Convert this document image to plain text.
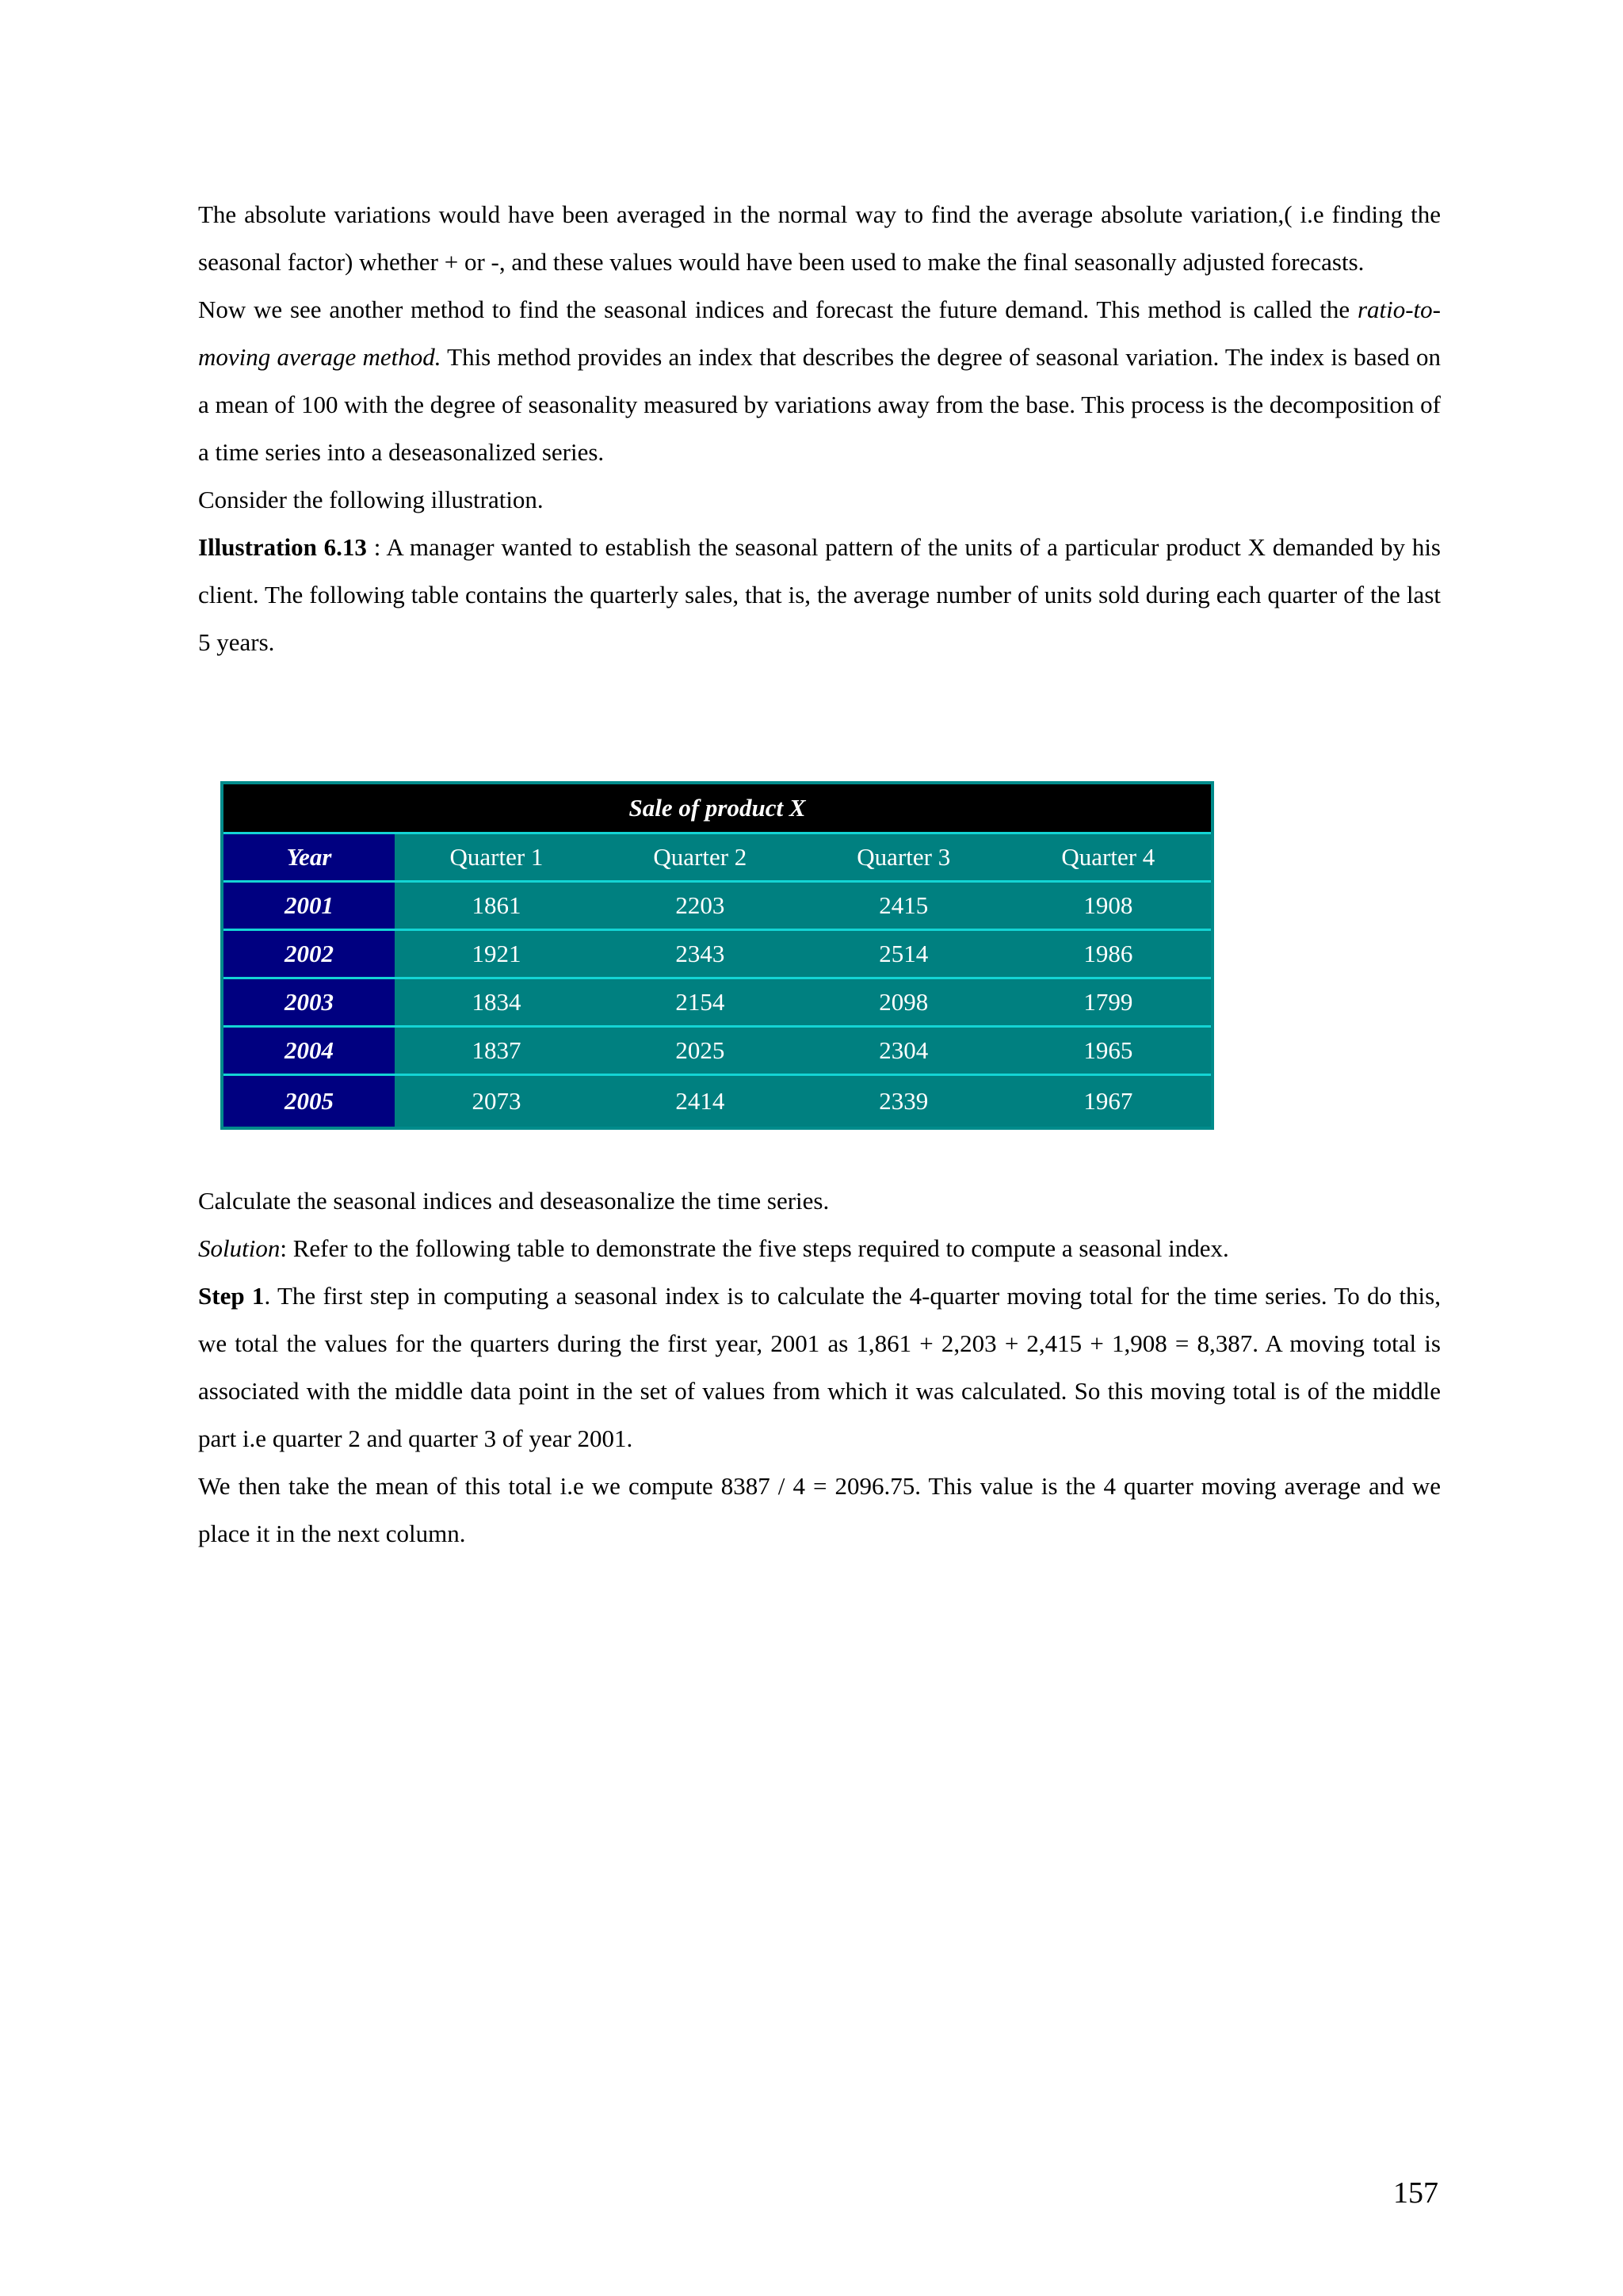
The absolute variations would have been averaged in the normal way to find the average absolute variation,( i.e finding the seasonal factor) whether + or -, and these values would have been used to make the final seasonally adjusted forecasts.

Now we see another method to find the seasonal indices and forecast the future demand. This method is called the ratio-to-moving average method. This method provides an index that describes the degree of seasonal variation. The index is based on a mean of 100 with the degree of seasonality measured by variations away from the base. This process is the decomposition of a time series into a deseasonalized series.

Consider the following illustration.

Illustration 6.13 : A manager wanted to establish the seasonal pattern of the units of a particular product X demanded by his client. The following table contains the quarterly sales, that is, the average number of units sold during each quarter of the last 5 years.

Sale of product X				
Year	Quarter 1	Quarter 2	Quarter 3	Quarter 4
2001	1861	2203	2415	1908
2002	1921	2343	2514	1986
2003	1834	2154	2098	1799
2004	1837	2025	2304	1965
2005	2073	2414	2339	1967

Calculate the seasonal indices and deseasonalize the time series.

Solution: Refer to the following table to demonstrate the five steps required to compute a seasonal index.

Step 1. The first step in computing a seasonal index is to calculate the 4-quarter moving total for the time series. To do this, we total the values for the quarters during the first year, 2001 as 1,861 + 2,203 + 2,415 + 1,908 = 8,387. A moving total is associated with the middle data point in the set of values from which it was calculated. So this moving total is of the middle part i.e quarter 2 and quarter 3 of year 2001.

We then take the mean of this total i.e we compute 8387 / 4 = 2096.75. This value is the 4 quarter moving average and we place it in the next column.

157
